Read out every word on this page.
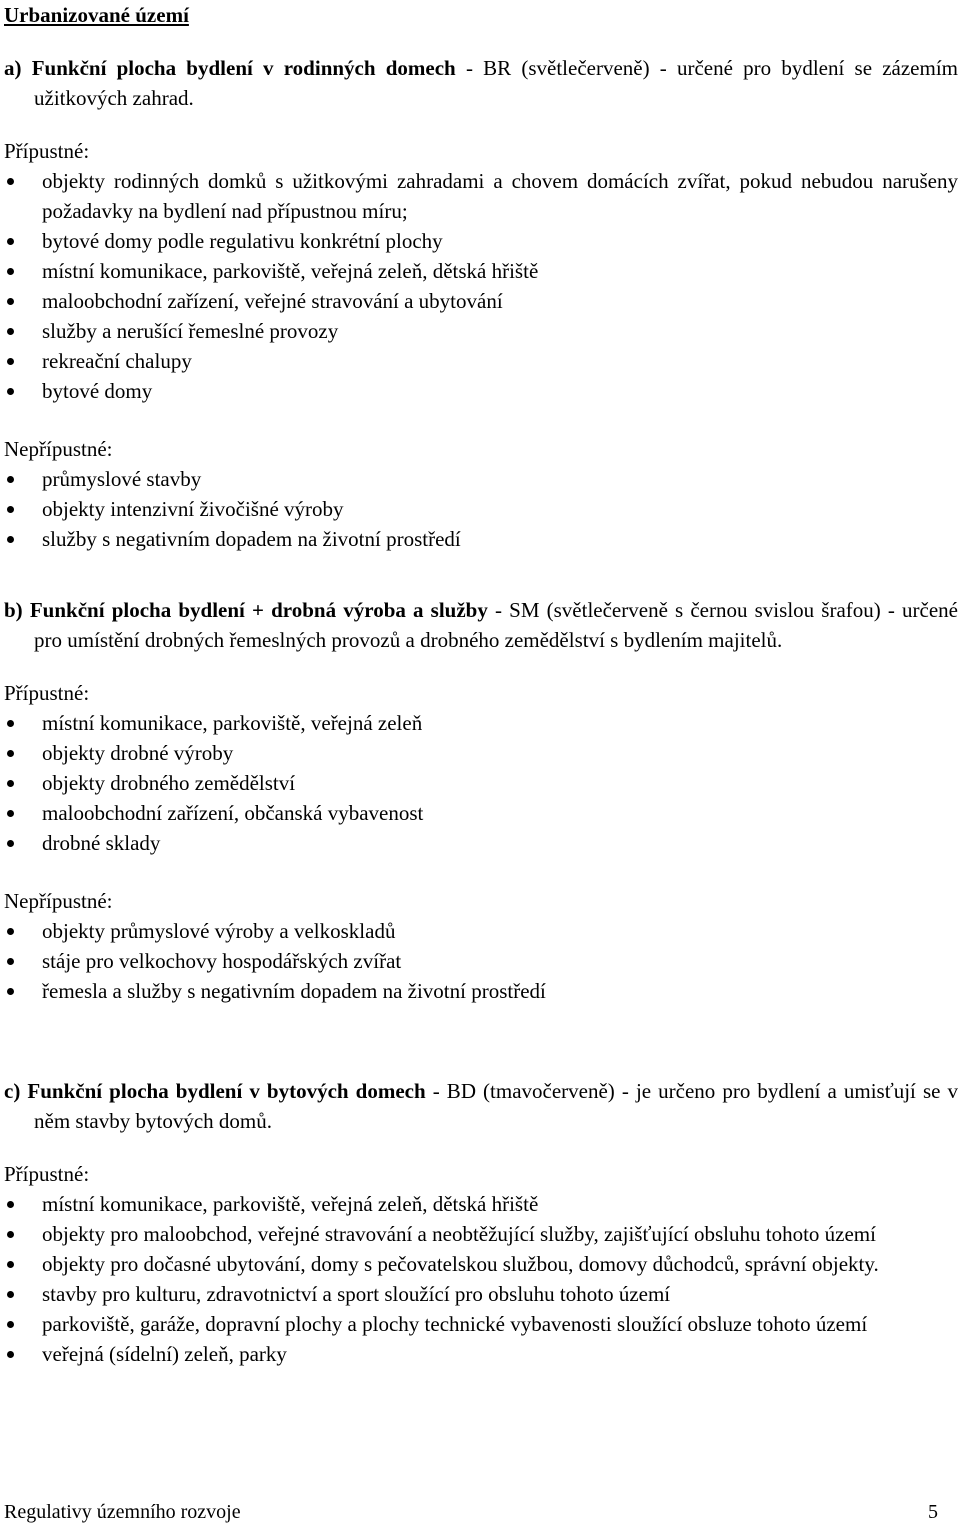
Urbanizované území

a) Funkční plocha bydlení v rodinných domech - BR (světlečerveně) - určené pro bydlení se zázemím užitkových zahrad.

Přípustné:

objekty rodinných domků s užitkovými zahradami a chovem domácích zvířat, pokud nebudou narušeny požadavky na bydlení nad přípustnou míru;
bytové domy podle regulativu konkrétní plochy
místní komunikace, parkoviště, veřejná zeleň, dětská hřiště
maloobchodní zařízení, veřejné stravování a ubytování
služby a nerušící řemeslné provozy
rekreační chalupy
bytové domy

Nepřípustné:

průmyslové stavby
objekty intenzivní živočišné výroby
služby s negativním dopadem na životní prostředí

b) Funkční plocha bydlení + drobná výroba a služby - SM (světlečerveně s černou svislou šrafou) - určené pro umístění drobných řemeslných provozů a drobného zemědělství s bydlením majitelů.

Přípustné:

místní komunikace, parkoviště, veřejná zeleň
objekty drobné výroby
objekty drobného zemědělství
maloobchodní zařízení, občanská vybavenost
drobné sklady

Nepřípustné:

objekty průmyslové výroby a velkoskladů
stáje pro velkochovy hospodářských zvířat
řemesla a služby s negativním dopadem na životní prostředí

c) Funkční plocha bydlení v bytových domech - BD (tmavočerveně) - je určeno pro bydlení a umisťují se v něm stavby bytových domů.

Přípustné:

místní komunikace, parkoviště, veřejná zeleň, dětská hřiště
objekty pro maloobchod, veřejné stravování a neobtěžující služby, zajišťující obsluhu tohoto území
objekty pro dočasné ubytování, domy s pečovatelskou službou, domovy důchodců, správní objekty.
stavby pro kulturu, zdravotnictví a sport sloužící pro obsluhu tohoto území
parkoviště, garáže, dopravní plochy a plochy technické vybavenosti sloužící obsluze tohoto území
veřejná (sídelní) zeleň, parky
Regulativy územního rozvoje	5
